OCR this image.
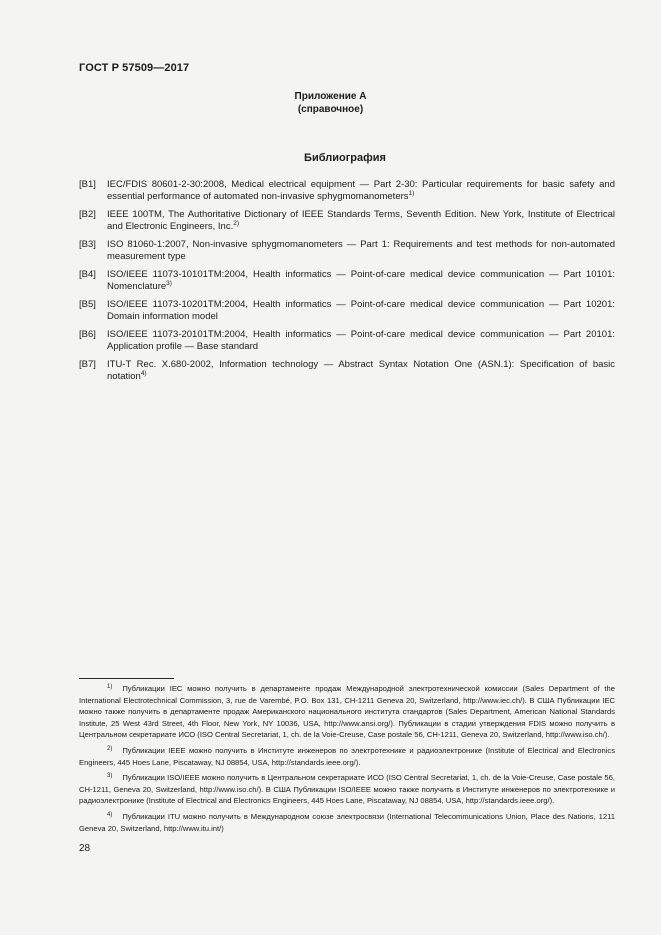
ГОСТ Р 57509—2017
Приложение А
(справочное)
Библиография
[B1]	IEC/FDIS 80601-2-30:2008, Medical electrical equipment — Part 2-30: Particular requirements for basic safety and essential performance of automated non-invasive sphygmomanometers$^{1)}$
[B2]	IEEE 100TM, The Authoritative Dictionary of IEEE Standards Terms, Seventh Edition. New York, Institute of Electrical and Electronic Engineers, Inc.$^{2)}$
[B3]	ISO 81060-1:2007, Non-invasive sphygmomanometers — Part 1: Requirements and test methods for non-automated measurement type
[B4]	ISO/IEEE 11073-10101TM:2004, Health informatics — Point-of-care medical device communication — Part 10101: Nomenclature$^{3)}$
[B5]	ISO/IEEE 11073-10201TM:2004, Health informatics — Point-of-care medical device communication — Part 10201: Domain information model
[B6]	ISO/IEEE 11073-20101TM:2004, Health informatics — Point-of-care medical device communication — Part 20101: Application profile — Base standard
[B7]	ITU-T Rec. X.680-2002, Information technology — Abstract Syntax Notation One (ASN.1): Specification of basic notation$^{4)}$
$^{1)}$ Публикации IEC можно получить в департаменте продаж Международной электротехнической комиссии (Sales Department of the International Electrotechnical Commission, 3, rue de Varembé, P.O. Box 131, CH-1211 Geneva 20, Switzerland, http://www.iec.ch/). В США Публикации IEC можно также получить в департаменте продаж Американского национального института стандартов (Sales Department, American National Standards Institute, 25 West 43rd Street, 4th Floor, New York, NY 10036, USA, http://www.ansi.org/). Публикации в стадии утверждения FDIS можно получить в Центральном секретариате ИСО (ISO Central Secretariat, 1, ch. de la Voie-Creuse, Case postale 56, CH-1211, Geneva 20, Switzerland, http://www.iso.ch/).
$^{2)}$ Публикации IEEE можно получить в Институте инженеров по электротехнике и радиоэлектронике (Institute of Electrical and Electronics Engineers, 445 Hoes Lane, Piscataway, NJ 08854, USA, http://standards.ieee.org/).
$^{3)}$ Публикации ISO/IEEE можно получить в Центральном секретариате ИСО (ISO Central Secretariat, 1, ch. de la Voie-Creuse, Case postale 56, CH-1211, Geneva 20, Switzerland, http://www.iso.ch/). В США Публикации ISO/IEEE можно также получить в Институте инженеров по электротехнике и радиоэлектронике (Institute of Electrical and Electronics Engineers, 445 Hoes Lane, Piscataway, NJ 08854, USA, http://standards.ieee.org/).
$^{4)}$ Публикации ITU можно получить в Международном союзе электросвязи (International Telecommunications Union, Place des Nations, 1211 Geneva 20, Switzerland, http://www.itu.int/)
28
